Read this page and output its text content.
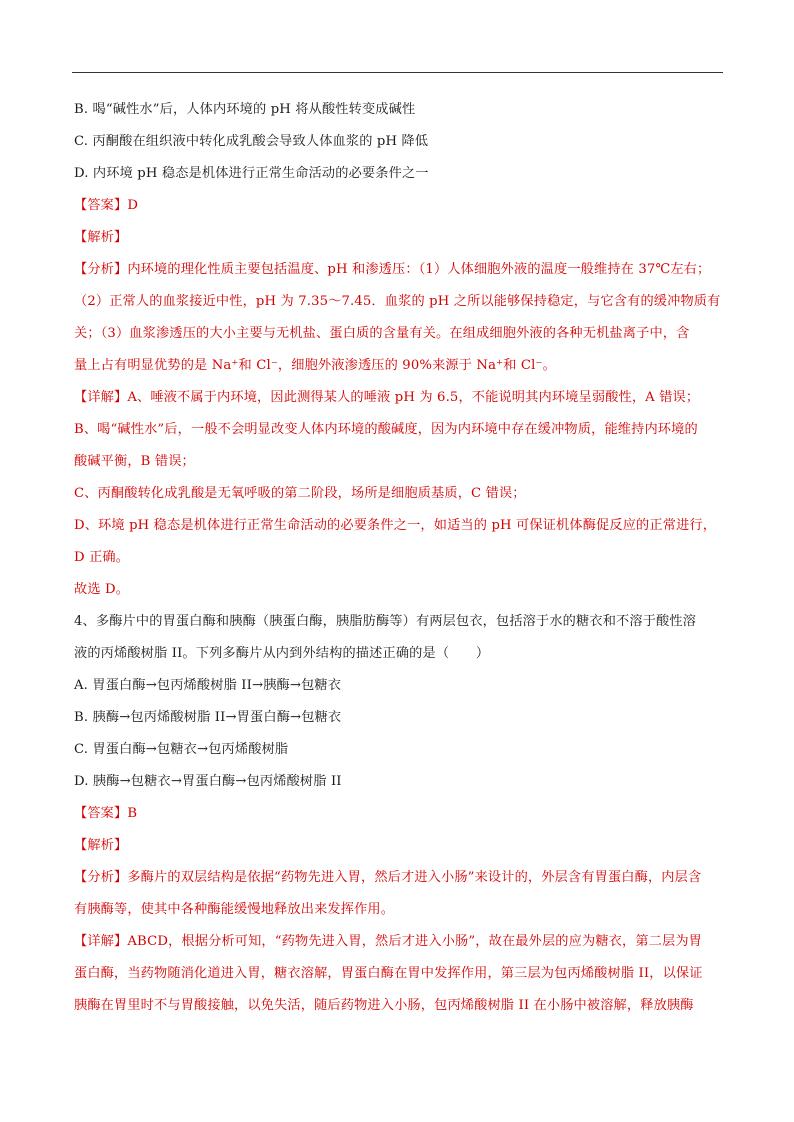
B. 喝“碱性水”后，人体内环境的 pH 将从酸性转变成碱性
C. 丙酮酸在组织液中转化成乳酸会导致人体血浆的 pH 降低
D. 内环境 pH 稳态是机体进行正常生命活动的必要条件之一
【答案】D
【解析】
【分析】内环境的理化性质主要包括温度、pH 和渗透压：（1）人体细胞外液的温度一般维持在 37℃左右；
（2）正常人的血浆接近中性，pH 为 7.35～7.45．血浆的 pH 之所以能够保持稳定，与它含有的缓冲物质有
关；（3）血浆渗透压的大小主要与无机盐、蛋白质的含量有关。在组成细胞外液的各种无机盐离子中，含
量上占有明显优势的是 Na⁺和 Cl⁻，细胞外液渗透压的 90%来源于 Na⁺和 Cl⁻。
【详解】A、唾液不属于内环境，因此测得某人的唾液 pH 为 6.5，不能说明其内环境呈弱酸性，A 错误；
B、喝“碱性水”后，一般不会明显改变人体内环境的酸碱度，因为内环境中存在缓冲物质，能维持内环境的
酸碱平衡，B 错误；
C、丙酮酸转化成乳酸是无氧呼吸的第二阶段，场所是细胞质基质，C 错误；
D、环境 pH 稳态是机体进行正常生命活动的必要条件之一，如适当的 pH 可保证机体酶促反应的正常进行，
D 正确。
故选 D。
4、多酶片中的胃蛋白酶和胰酶（胰蛋白酶，胰脂肪酶等）有两层包衣，包括溶于水的糖衣和不溶于酸性溶
液的丙烯酸树脂 II。下列多酶片从内到外结构的描述正确的是（　　）
A. 胃蛋白酶→包丙烯酸树脂 II→胰酶→包糖衣
B. 胰酶→包丙烯酸树脂 II→胃蛋白酶→包糖衣
C. 胃蛋白酶→包糖衣→包丙烯酸树脂
D. 胰酶→包糖衣→胃蛋白酶→包丙烯酸树脂 II
【答案】B
【解析】
【分析】多酶片的双层结构是依据“药物先进入胃，然后才进入小肠”来设计的，外层含有胃蛋白酶，内层含
有胰酶等，使其中各种酶能缓慢地释放出来发挥作用。
【详解】ABCD，根据分析可知，“药物先进入胃，然后才进入小肠”，故在最外层的应为糖衣，第二层为胃
蛋白酶，当药物随消化道进入胃，糖衣溶解，胃蛋白酶在胃中发挥作用，第三层为包丙烯酸树脂 II，以保证
胰酶在胃里时不与胃酸接触，以免失活，随后药物进入小肠，包丙烯酸树脂 II 在小肠中被溶解，释放胰酶
